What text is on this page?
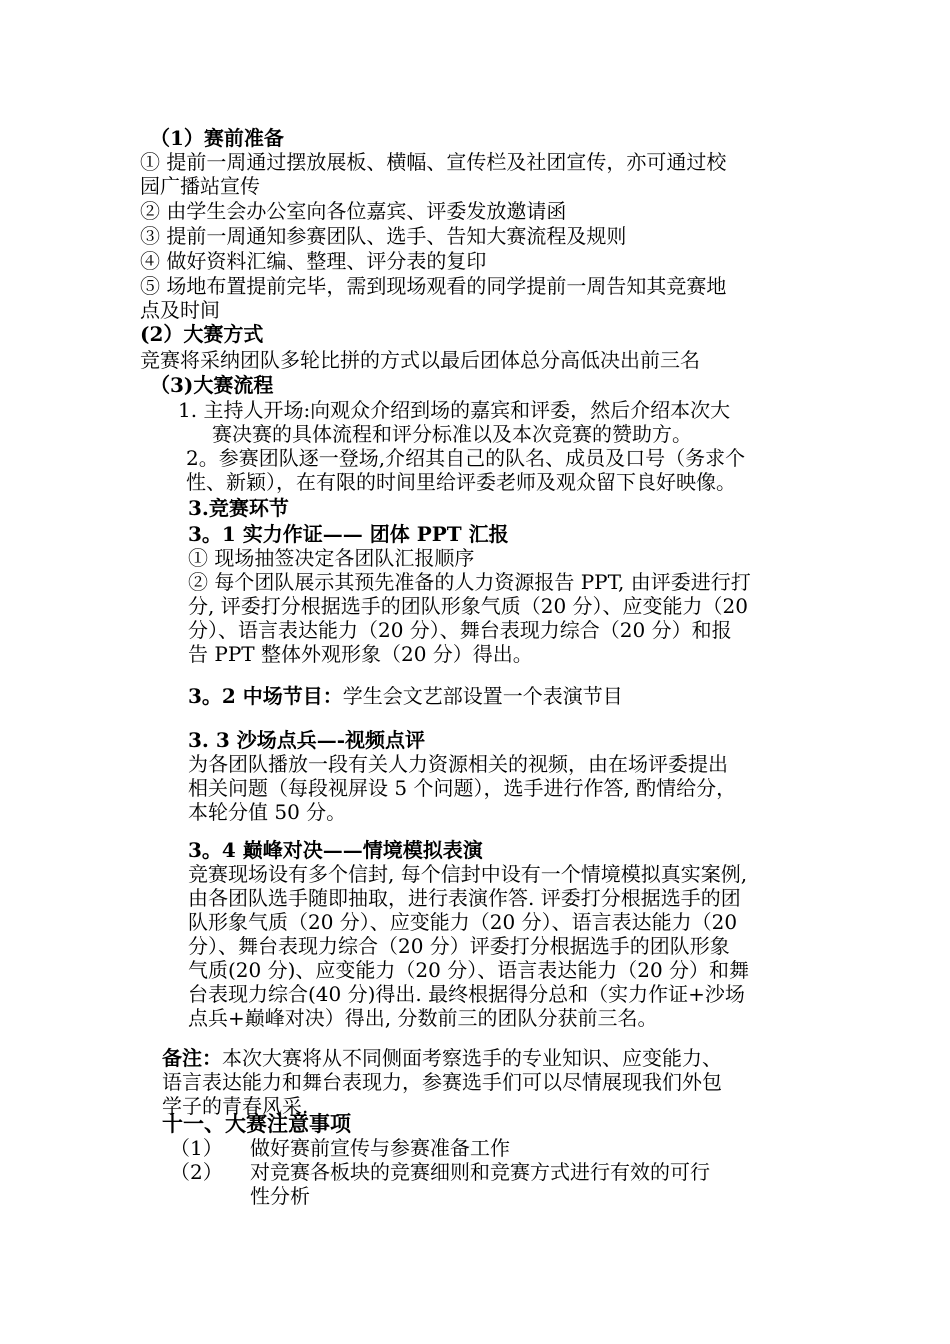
（1）赛前准备
① 提前一周通过摆放展板、横幅、宣传栏及社团宣传，亦可通过校
园广播站宣传
② 由学生会办公室向各位嘉宾、评委发放邀请函
③ 提前一周通知参赛团队、选手、告知大赛流程及规则
④ 做好资料汇编、整理、评分表的复印
⑤ 场地布置提前完毕，需到现场观看的同学提前一周告知其竞赛地
点及时间
(2）大赛方式
竞赛将采纳团队多轮比拼的方式以最后团体总分高低决出前三名
（3)大赛流程
1. 主持人开场:向观众介绍到场的嘉宾和评委，然后介绍本次大
赛决赛的具体流程和评分标准以及本次竞赛的赞助方。
2。参赛团队逐一登场,介绍其自己的队名、成员及口号（务求个
性、新颖），在有限的时间里给评委老师及观众留下良好映像。
3.竞赛环节
3。1 实力作证—— 团体 PPT 汇报
① 现场抽签决定各团队汇报顺序
② 每个团队展示其预先准备的人力资源报告 PPT, 由评委进行打
分, 评委打分根据选手的团队形象气质（20 分）、应变能力（20
分）、语言表达能力（20 分）、舞台表现力综合（20 分）和报
告 PPT 整体外观形象（20 分）得出。
3。2 中场节目：学生会文艺部设置一个表演节目
3. 3 沙场点兵—-视频点评
为各团队播放一段有关人力资源相关的视频，由在场评委提出
相关问题（每段视屏设 5 个问题），选手进行作答, 酌情给分，
本轮分值 50 分。
3。4 巅峰对决——情境模拟表演
竞赛现场设有多个信封, 每个信封中设有一个情境模拟真实案例,
由各团队选手随即抽取，进行表演作答. 评委打分根据选手的团
队形象气质（20 分）、应变能力（20 分）、语言表达能力（20
分）、舞台表现力综合（20 分）评委打分根据选手的团队形象
气质(20 分)、应变能力（20 分）、语言表达能力（20 分）和舞
台表现力综合(40 分)得出. 最终根据得分总和（实力作证+沙场
点兵+巅峰对决）得出, 分数前三的团队分获前三名。
备注：本次大赛将从不同侧面考察选手的专业知识、应变能力、
语言表达能力和舞台表现力，参赛选手们可以尽情展现我们外包
学子的青春风采.
十一、大赛注意事项
（1） 做好赛前宣传与参赛准备工作
（2） 对竞赛各板块的竞赛细则和竞赛方式进行有效的可行
性分析
